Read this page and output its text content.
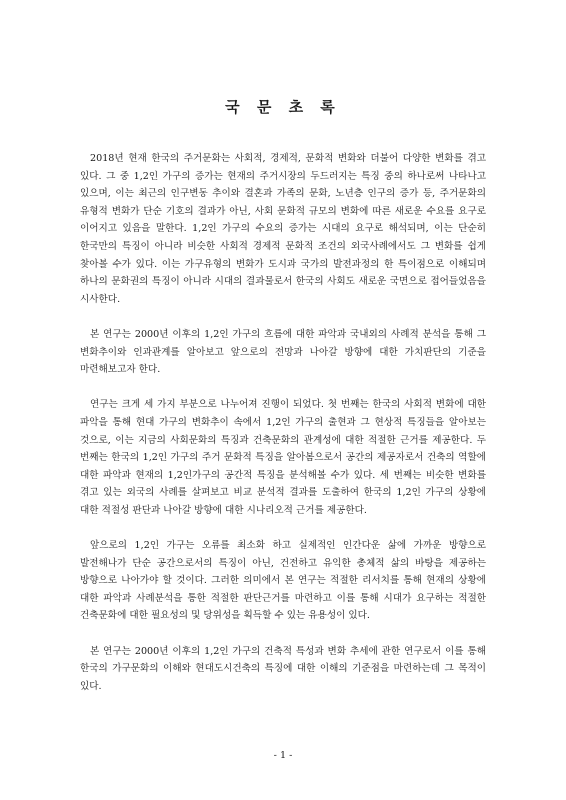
국 문 초 록

2018년 현재 한국의 주거문화는 사회적, 경제적, 문화적 변화와 더불어 다양한 변화를 겪고 있다. 그 중 1,2인 가구의 증가는 현재의 주거시장의 두드러지는 특징 중의 하나로써 나타나고 있으며, 이는 최근의 인구변동 추이와 결혼과 가족의 문화, 노년층 인구의 증가 등, 주거문화의 유형적 변화가 단순 기호의 결과가 아닌, 사회 문화적 규모의 변화에 따른 새로운 수요를 요구로 이어지고 있음을 말한다. 1,2인 가구의 수요의 증가는 시대의 요구로 해석되며, 이는 단순히 한국만의 특징이 아니라 비슷한 사회적 경제적 문화적 조건의 외국사례에서도 그 변화를 쉽게 찾아볼 수가 있다. 이는 가구유형의 변화가 도시과 국가의 발전과정의 한 특이점으로 이해되며 하나의 문화권의 특징이 아니라 시대의 결과물로서 한국의 사회도 새로운 국면으로 접어들었음을 시사한다.

본 연구는 2000년 이후의 1,2인 가구의 흐름에 대한 파악과 국내외의 사례적 분석을 통해 그 변화추이와 인과관계를 알아보고 앞으로의 전망과 나아갈 방향에 대한 가치판단의 기준을 마련해보고자 한다.

연구는 크게 세 가지 부분으로 나누어져 진행이 되었다. 첫 번째는 한국의 사회적 변화에 대한 파악을 통해 현대 가구의 변화추이 속에서 1,2인 가구의 출현과 그 현상적 특징들을 알아보는 것으로, 이는 지금의 사회문화의 특징과 건축문화의 관계성에 대한 적절한 근거를 제공한다. 두 번째는 한국의 1,2인 가구의 주거 문화적 특징을 알아봄으로서 공간의 제공자로서 건축의 역할에 대한 파악과 현재의 1,2인가구의 공간적 특징을 분석해볼 수가 있다. 세 번째는 비슷한 변화를 겪고 있는 외국의 사례를 살펴보고 비교 분석적 결과를 도출하여 한국의 1,2인 가구의 상황에 대한 적절성 판단과 나아갈 방향에 대한 시나리오적 근거를 제공한다.

앞으로의 1,2인 가구는 오류를 최소화 하고 실제적인 인간다운 삶에 가까운 방향으로 발전해나가 단순 공간으로서의 특징이 아닌, 건전하고 유익한 총체적 삶의 바탕을 제공하는 방향으로 나아가야 할 것이다. 그러한 의미에서 본 연구는 적절한 리서치를 통해 현재의 상황에 대한 파악과 사례분석을 통한 적절한 판단근거를 마련하고 이를 통해 시대가 요구하는 적절한 건축문화에 대한 필요성의 및 당위성을 획득할 수 있는 유용성이 있다.

본 연구는 2000년 이후의 1,2인 가구의 건축적 특성과 변화 추세에 관한 연구로서 이를 통해 한국의 가구문화의 이해와 현대도시건축의 특징에 대한 이해의 기준점을 마련하는데 그 목적이 있다.

- 1 -
